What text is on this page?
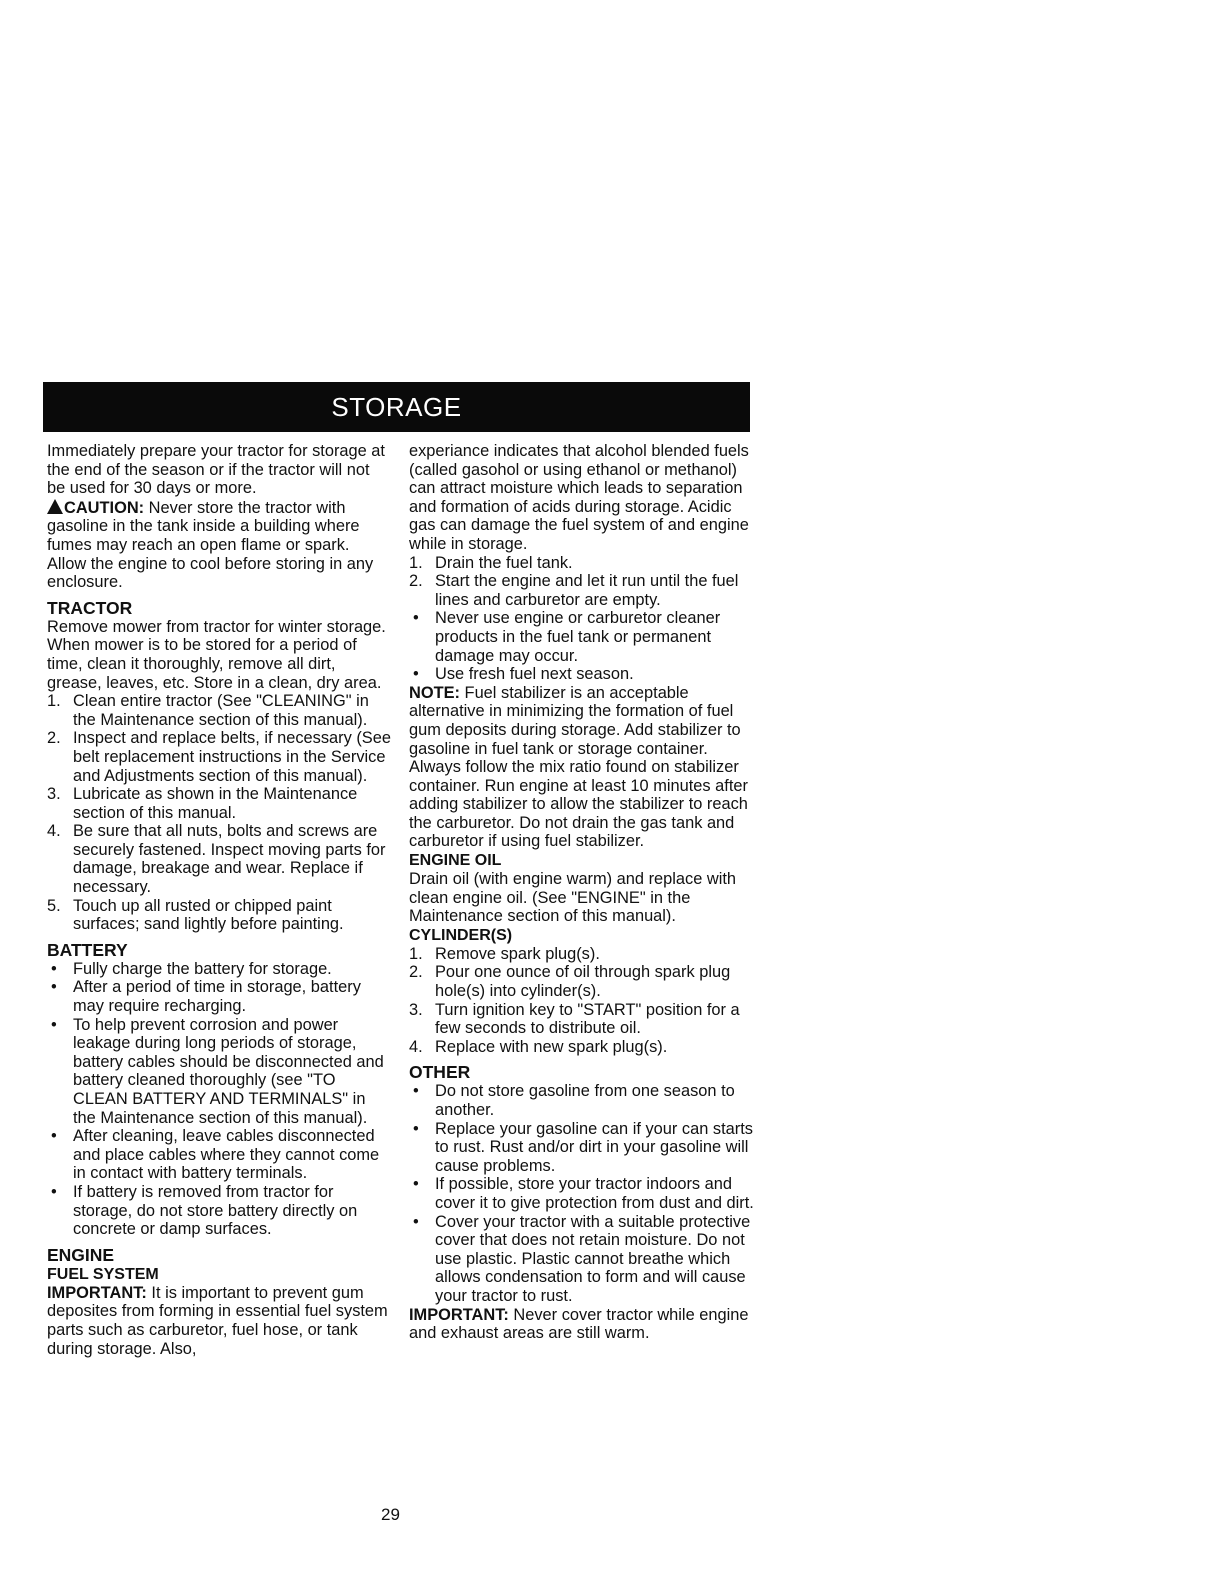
STORAGE

Immediately prepare your tractor for storage at the end of the season or if the tractor will not be used for 30 days or more.

CAUTION: Never store the tractor with gasoline in the tank inside a building where fumes may reach an open flame or spark. Allow the engine to cool before storing in any enclosure.

TRACTOR

Remove mower from tractor for winter storage. When mower is to be stored for a period of time, clean it thoroughly, remove all dirt, grease, leaves, etc. Store in a clean, dry area.

1. Clean entire tractor (See "CLEANING" in the Maintenance section of this manual).
2. Inspect and replace belts, if necessary (See belt replacement instructions in the Service and Adjustments section of this manual).
3. Lubricate as shown in the Maintenance section of this manual.
4. Be sure that all nuts, bolts and screws are securely fastened. Inspect moving parts for damage, breakage and wear. Replace if necessary.
5. Touch up all rusted or chipped paint surfaces; sand lightly before painting.
BATTERY
• Fully charge the battery for storage.
• After a period of time in storage, battery may require recharging.
• To help prevent corrosion and power leakage during long periods of storage, battery cables should be disconnected and battery cleaned thoroughly (see "TO CLEAN BATTERY AND TERMINALS" in the Maintenance section of this manual).
• After cleaning, leave cables disconnected and place cables where they cannot come in contact with battery terminals.
• If battery is removed from tractor for storage, do not store battery directly on concrete or damp surfaces.
ENGINE
FUEL SYSTEM

IMPORTANT: It is important to prevent gum deposites from forming in essential fuel system parts such as carburetor, fuel hose, or tank during storage. Also,

experiance indicates that alcohol blended fuels (called gasohol or using ethanol or methanol) can attract moisture which leads to separation and formation of acids during storage. Acidic gas can damage the fuel system of and engine while in storage.

1. Drain the fuel tank.
2. Start the engine and let it run until the fuel lines and carburetor are empty.
• Never use engine or carburetor cleaner products in the fuel tank or permanent damage may occur.
• Use fresh fuel next season.

NOTE: Fuel stabilizer is an acceptable alternative in minimizing the formation of fuel gum deposits during storage. Add stabilizer to gasoline in fuel tank or storage container. Always follow the mix ratio found on stabilizer container. Run engine at least 10 minutes after adding stabilizer to allow the stabilizer to reach the carburetor. Do not drain the gas tank and carburetor if using fuel stabilizer.

ENGINE OIL

Drain oil (with engine warm) and replace with clean engine oil. (See "ENGINE" in the Maintenance section of this manual).

CYLINDER(S)
1. Remove spark plug(s).
2. Pour one ounce of oil through spark plug hole(s) into cylinder(s).
3. Turn ignition key to "START" position for a few seconds to distribute oil.
4. Replace with new spark plug(s).
OTHER
• Do not store gasoline from one season to another.
• Replace your gasoline can if your can starts to rust. Rust and/or dirt in your gasoline will cause problems.
• If possible, store your tractor indoors and cover it to give protection from dust and dirt.
• Cover your tractor with a suitable protective cover that does not retain moisture. Do not use plastic. Plastic cannot breathe which allows condensation to form and will cause your tractor to rust.

IMPORTANT: Never cover tractor while engine and exhaust areas are still warm.

29
